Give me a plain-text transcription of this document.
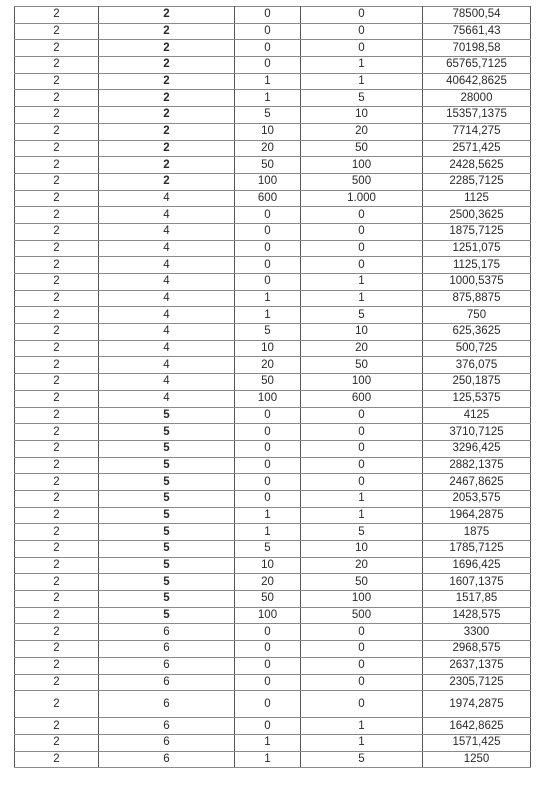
2	2	0	0	78500,54
2	2	0	0	75661,43
2	2	0	0	70198,58
2	2	0	1	65765,7125
2	2	1	1	40642,8625
2	2	1	5	28000
2	2	5	10	15357,1375
2	2	10	20	7714,275
2	2	20	50	2571,425
2	2	50	100	2428,5625
2	2	100	500	2285,7125
2	4	600	1.000	1125
2	4	0	0	2500,3625
2	4	0	0	1875,7125
2	4	0	0	1251,075
2	4	0	0	1125,175
2	4	0	1	1000,5375
2	4	1	1	875,8875
2	4	1	5	750
2	4	5	10	625,3625
2	4	10	20	500,725
2	4	20	50	376,075
2	4	50	100	250,1875
2	4	100	600	125,5375
2	5	0	0	4125
2	5	0	0	3710,7125
2	5	0	0	3296,425
2	5	0	0	2882,1375
2	5	0	0	2467,8625
2	5	0	1	2053,575
2	5	1	1	1964,2875
2	5	1	5	1875
2	5	5	10	1785,7125
2	5	10	20	1696,425
2	5	20	50	1607,1375
2	5	50	100	1517,85
2	5	100	500	1428,575
2	6	0	0	3300
2	6	0	0	2968,575
2	6	0	0	2637,1375
2	6	0	0	2305,7125
2	6	0	0	1974,2875
2	6	0	1	1642,8625
2	6	1	1	1571,425
2	6	1	5	1250
